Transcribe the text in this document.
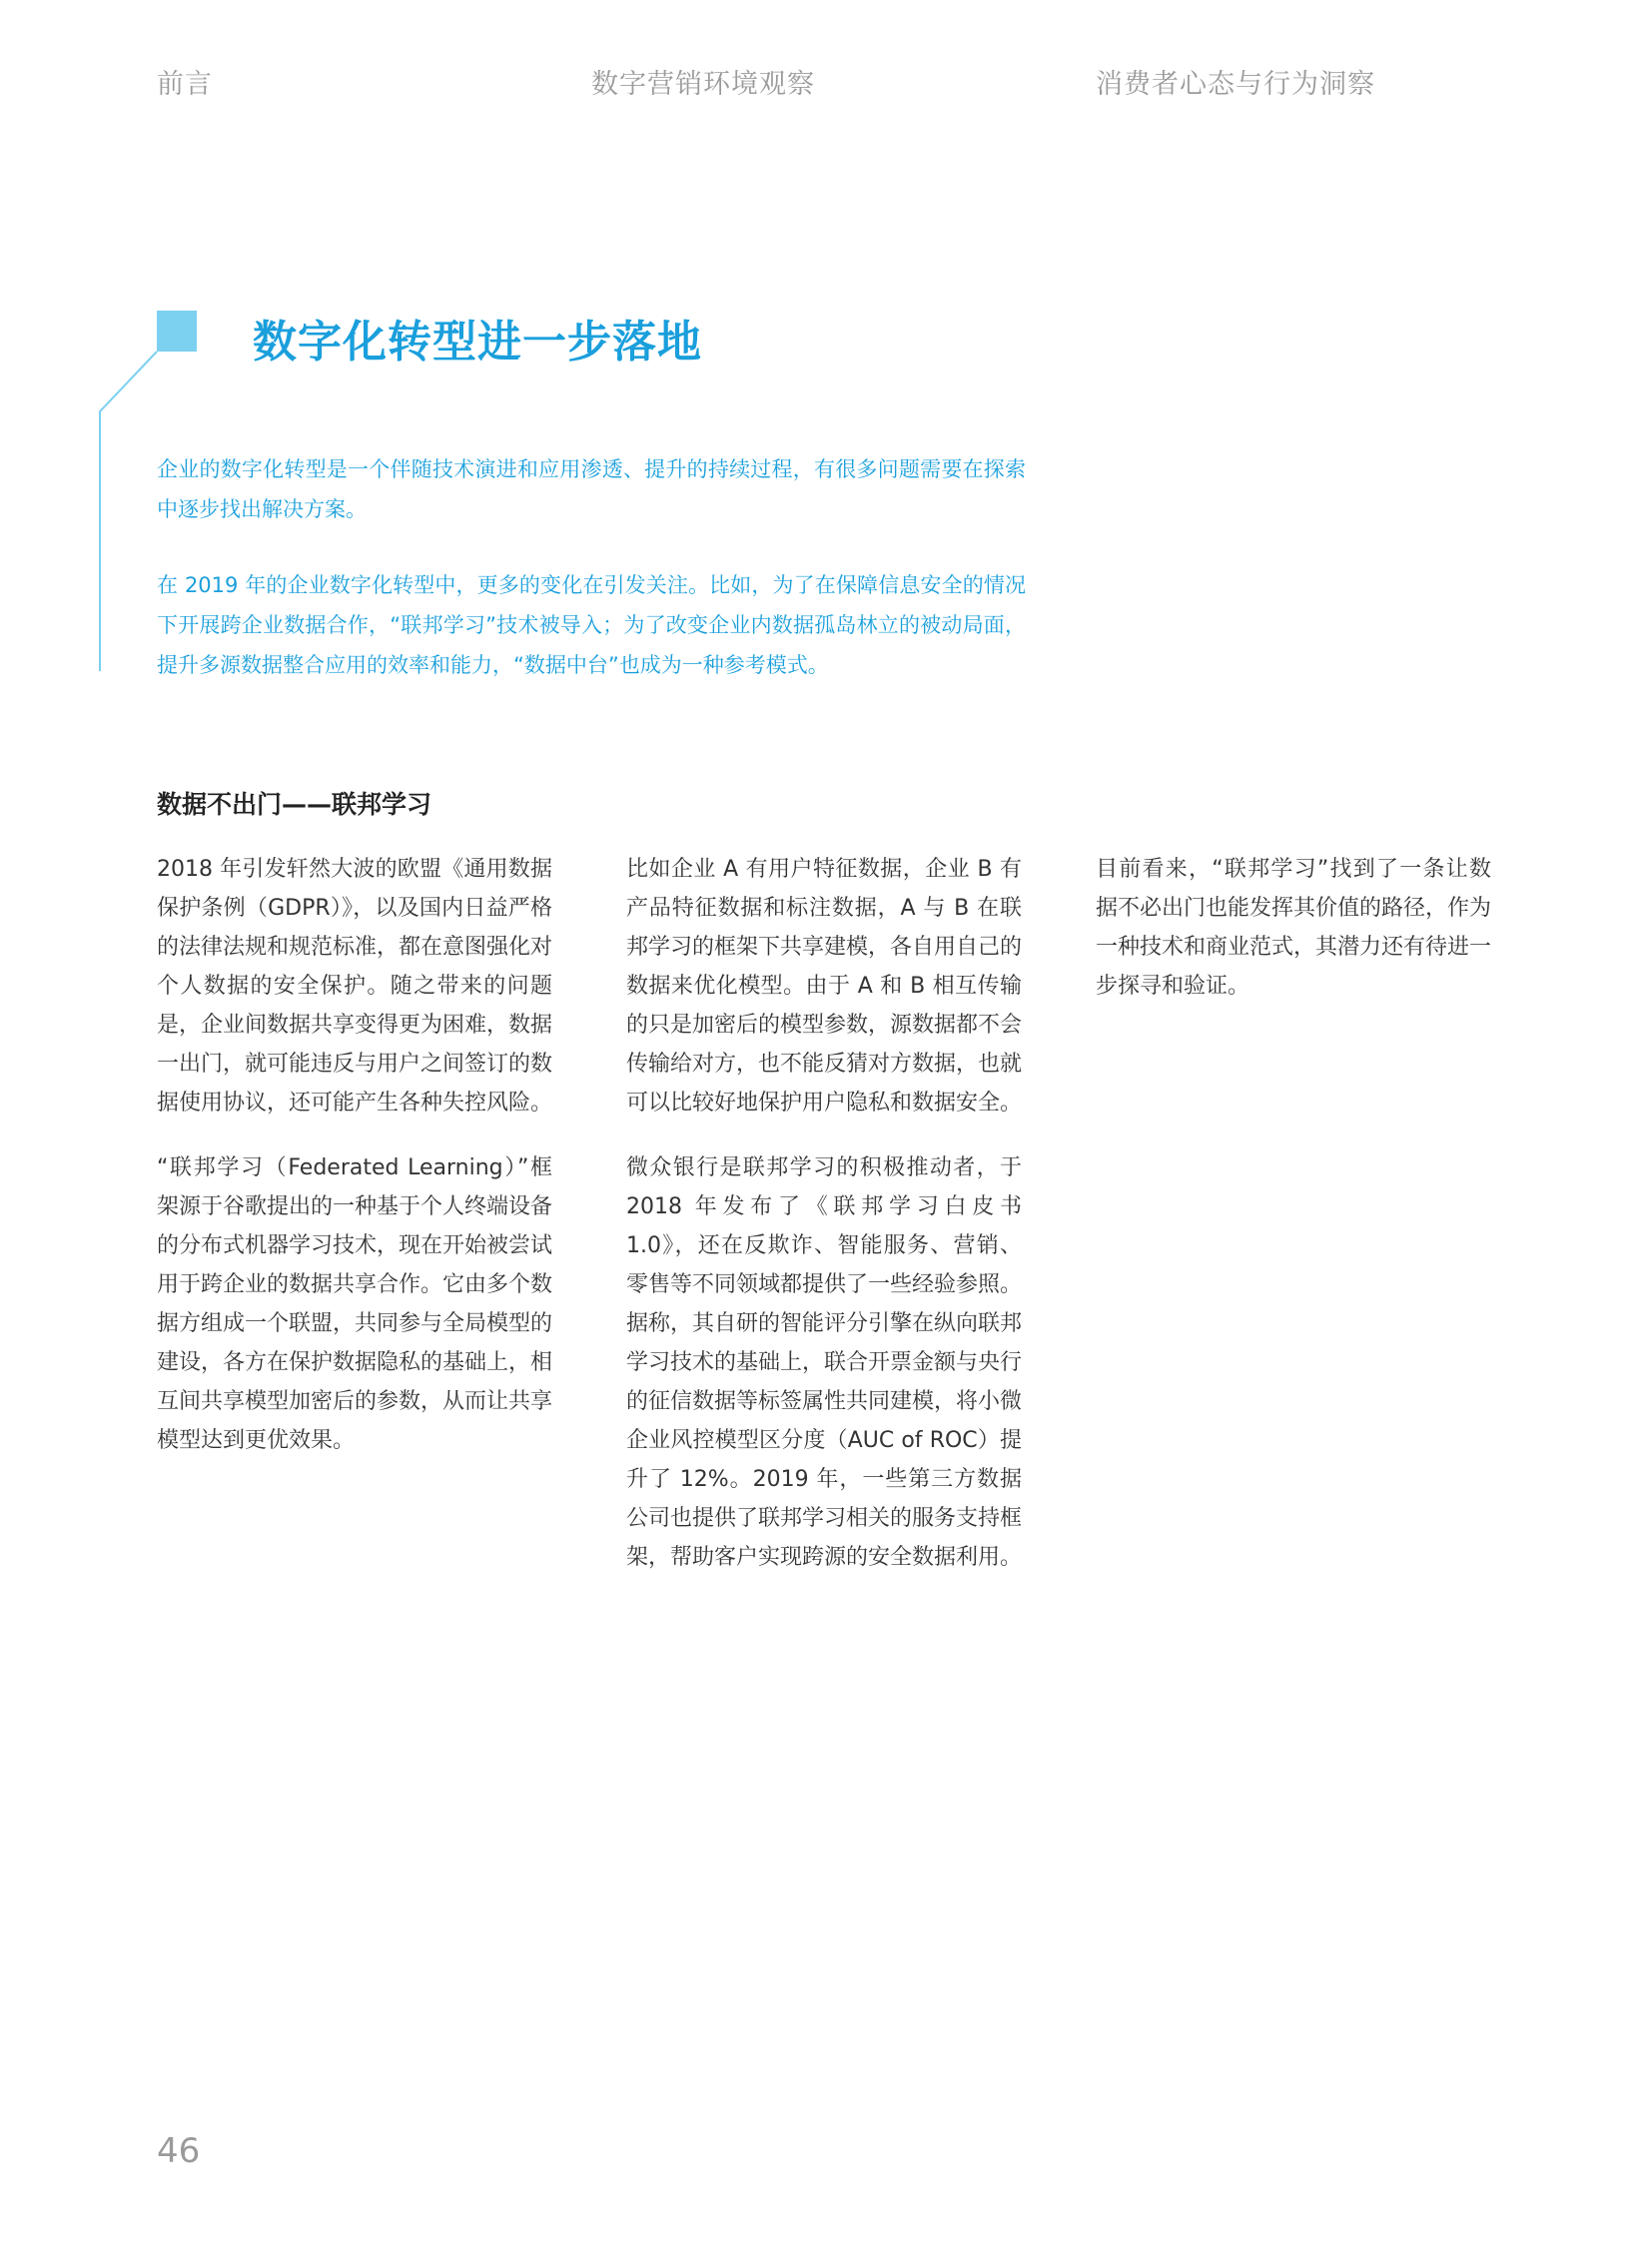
前言	数字营销环境观察	消费者心态与行为洞察
数字化转型进一步落地

企业的数字化转型是一个伴随技术演进和应用渗透、提升的持续过程，有很多问题需要在探索中逐步找出解决方案。

在 2019 年的企业数字化转型中，更多的变化在引发关注。比如，为了在保障信息安全的情况下开展跨企业数据合作，“联邦学习”技术被导入；为了改变企业内数据孤岛林立的被动局面，提升多源数据整合应用的效率和能力，“数据中台”也成为一种参考模式。

数据不出门——联邦学习

2018 年引发轩然大波的欧盟《通用数据保护条例（GDPR）》，以及国内日益严格的法律法规和规范标准，都在意图强化对个人数据的安全保护。随之带来的问题是，企业间数据共享变得更为困难，数据一出门，就可能违反与用户之间签订的数据使用协议，还可能产生各种失控风险。

“联邦学习（Federated Learning）”框架源于谷歌提出的一种基于个人终端设备的分布式机器学习技术，现在开始被尝试用于跨企业的数据共享合作。它由多个数据方组成一个联盟，共同参与全局模型的建设，各方在保护数据隐私的基础上，相互间共享模型加密后的参数，从而让共享模型达到更优效果。

比如企业 A 有用户特征数据，企业 B 有产品特征数据和标注数据，A 与 B 在联邦学习的框架下共享建模，各自用自己的数据来优化模型。由于 A 和 B 相互传输的只是加密后的模型参数，源数据都不会传输给对方，也不能反猜对方数据，也就可以比较好地保护用户隐私和数据安全。

微众银行是联邦学习的积极推动者，于 2018 年发布了《联邦学习白皮书 1.0》，还在反欺诈、智能服务、营销、零售等不同领域都提供了一些经验参照。据称，其自研的智能评分引擎在纵向联邦学习技术的基础上，联合开票金额与央行的征信数据等标签属性共同建模，将小微企业风控模型区分度（AUC of ROC）提升了 12%。2019 年，一些第三方数据公司也提供了联邦学习相关的服务支持框架，帮助客户实现跨源的安全数据利用。

目前看来，“联邦学习”找到了一条让数据不必出门也能发挥其价值的路径，作为一种技术和商业范式，其潜力还有待进一步探寻和验证。

46
